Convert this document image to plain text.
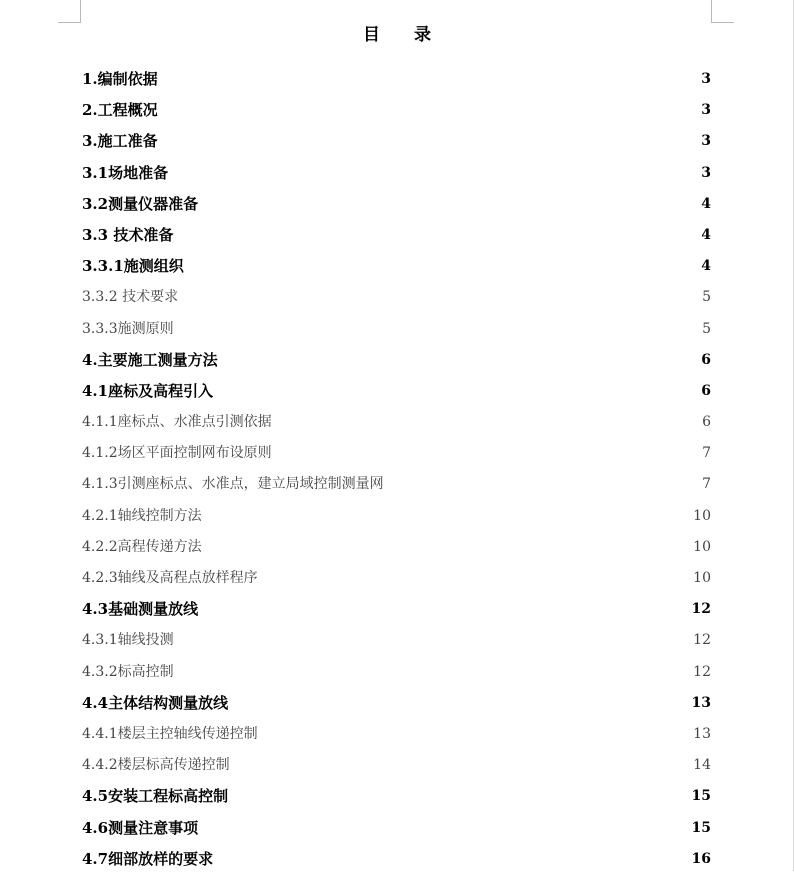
目 录
1.编制依据	3
2.工程概况	3
3.施工准备	3
3.1场地准备	3
3.2测量仪器准备	4
3.3 技术准备	4
3.3.1施测组织	4
3.3.2 技术要求	5
3.3.3施测原则	5
4.主要施工测量方法	6
4.1座标及高程引入	6
4.1.1座标点、水准点引测依据	6
4.1.2场区平面控制网布设原则	7
4.1.3引测座标点、水准点，建立局域控制测量网	7
4.2.1轴线控制方法	10
4.2.2高程传递方法	10
4.2.3轴线及高程点放样程序	10
4.3基础测量放线	12
4.3.1轴线投测	12
4.3.2标高控制	12
4.4主体结构测量放线	13
4.4.1楼层主控轴线传递控制	13
4.4.2楼层标高传递控制	14
4.5安装工程标高控制	15
4.6测量注意事项	15
4.7细部放样的要求	16
